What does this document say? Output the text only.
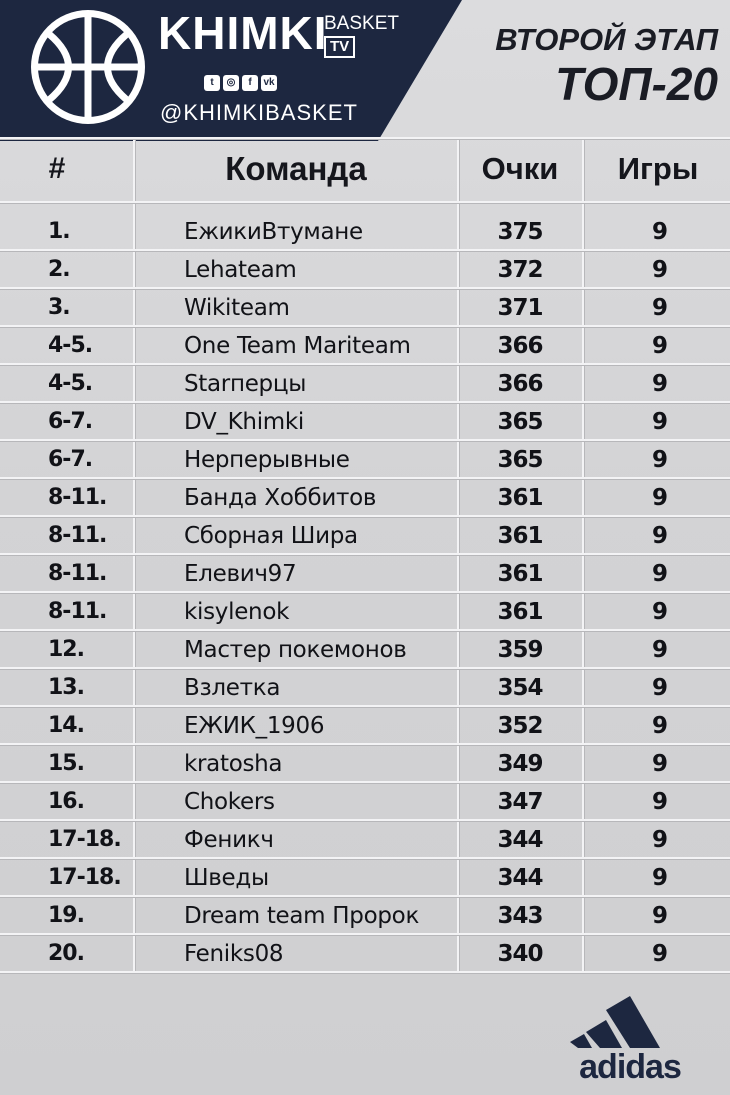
KHIMKI
BASKET
TV
t	◎	f	vk
@KHIMKIBASKET
ВТОРОЙ ЭТАП
ТОП-20
#	Команда	Очки	Игры
1.	ЕжикиВтумане	375	9
2.	Lehateam	372	9
3.	Wikiteam	371	9
4-5.	One Team Mariteam	366	9
4-5.	Starперцы	366	9
6-7.	DV_Khimki	365	9
6-7.	Нерперывные	365	9
8-11.	Банда Хоббитов	361	9
8-11.	Сборная Шира	361	9
8-11.	Елевич97	361	9
8-11.	kisylenok	361	9
12.	Мастер покемонов	359	9
13.	Взлетка	354	9
14.	ЕЖИК_1906	352	9
15.	kratosha	349	9
16.	Chokers	347	9
17-18.	Феникч	344	9
17-18.	Шведы	344	9
19.	Dream team Пророк	343	9
20.	Feniks08	340	9
adidas
